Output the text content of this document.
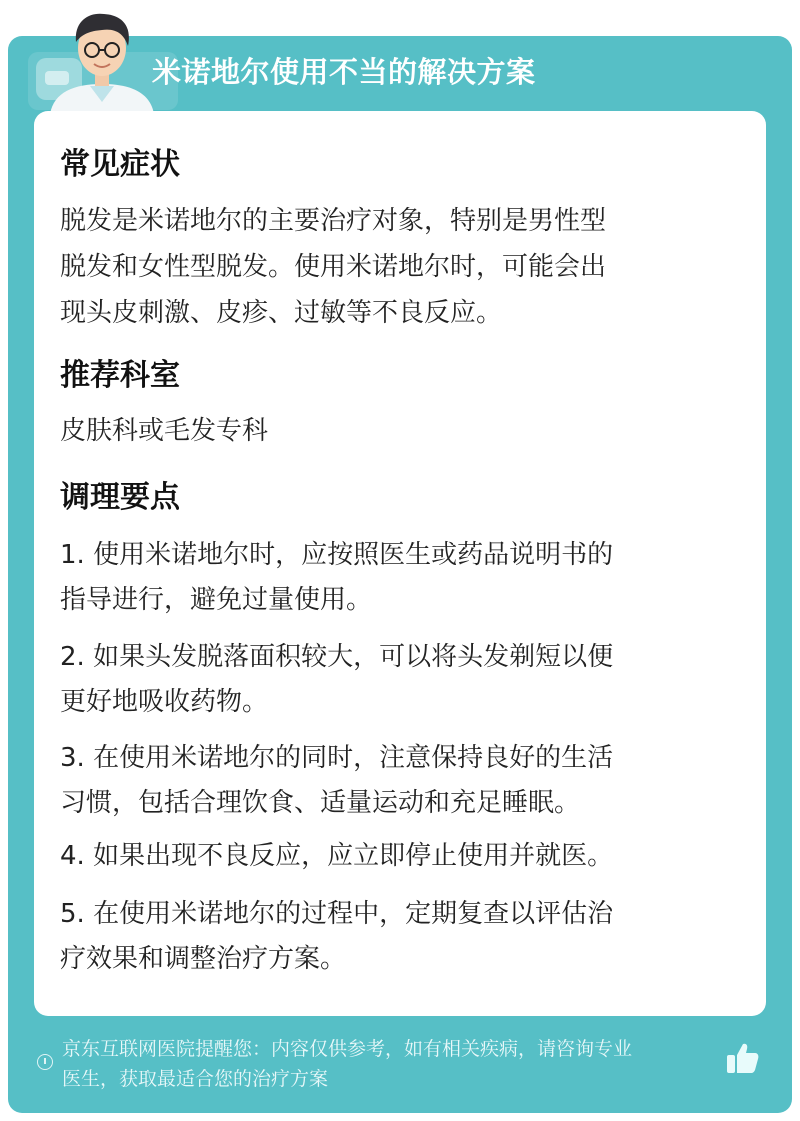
米诺地尔使用不当的解决方案
常见症状
脱发是米诺地尔的主要治疗对象，特别是男性型
脱发和女性型脱发。使用米诺地尔时，可能会出
现头皮刺激、皮疹、过敏等不良反应。
推荐科室
皮肤科或毛发专科
调理要点
1. 使用米诺地尔时，应按照医生或药品说明书的
指导进行，避免过量使用。
2. 如果头发脱落面积较大，可以将头发剃短以便
更好地吸收药物。
3. 在使用米诺地尔的同时，注意保持良好的生活
习惯，包括合理饮食、适量运动和充足睡眠。
4. 如果出现不良反应，应立即停止使用并就医。
5. 在使用米诺地尔的过程中，定期复查以评估治
疗效果和调整治疗方案。
京东互联网医院提醒您：内容仅供参考，如有相关疾病，请咨询专业
医生，获取最适合您的治疗方案
